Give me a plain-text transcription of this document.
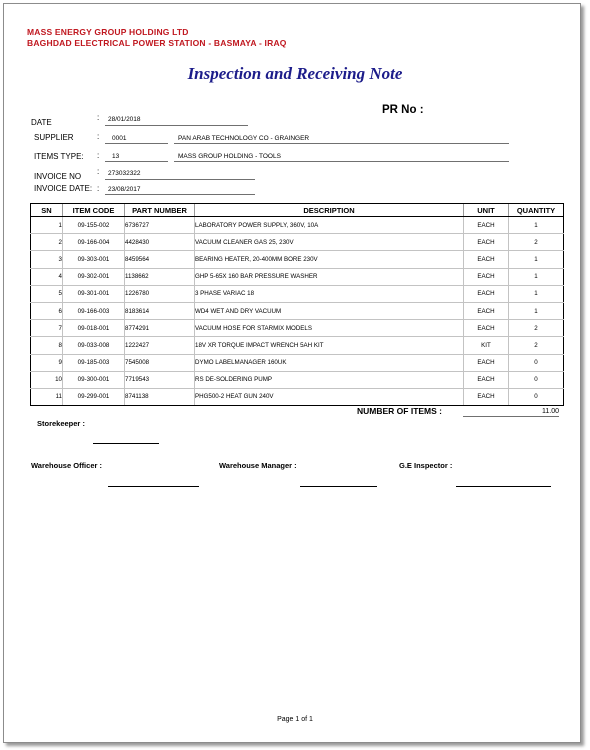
MASS ENERGY GROUP HOLDING LTD
BAGHDAD ELECTRICAL POWER STATION - BASMAYA - IRAQ
Inspection and Receiving Note
PR No :
DATE
: 28/01/2018
SUPPLIER	: 0001	PAN ARAB TECHNOLOGY CO - GRAINGER
ITEMS TYPE: : 13	MASS GROUP HOLDING - TOOLS
INVOICE NO
: 273032322
INVOICE DATE: : 23/08/2017
SN	ITEM CODE	PART NUMBER	DESCRIPTION	UNIT	QUANTITY
1	09-155-002	6736727	LABORATORY POWER SUPPLY, 360V, 10A	EACH	1
2	09-166-004	4428430	VACUUM CLEANER GAS 25, 230V	EACH	2
3	09-303-001	8459564	BEARING HEATER, 20-400MM BORE 230V	EACH	1
4	09-302-001	1138662	GHP 5-65X 160 BAR PRESSURE WASHER	EACH	1
5	09-301-001	1226780	3 PHASE VARIAC 18	EACH	1
6	09-166-003	8183614	WD4 WET AND DRY VACUUM	EACH	1
7	09-018-001	8774291	VACUUM HOSE FOR STARMIX MODELS	EACH	2
8	09-033-008	1222427	18V XR TORQUE IMPACT WRENCH 5AH KIT	KIT	2
9	09-185-003	7545008	DYMO LABELMANAGER 160UK	EACH	0
10	09-300-001	7719543	RS DE-SOLDERING PUMP	EACH	0
11	09-299-001	8741138	PHG500-2 HEAT GUN 240V	EACH	0
NUMBER OF ITEMS :	11.00
Storekeeper :
Warehouse Officer :	Warehouse Manager :	G.E Inspector :
Page 1 of 1
